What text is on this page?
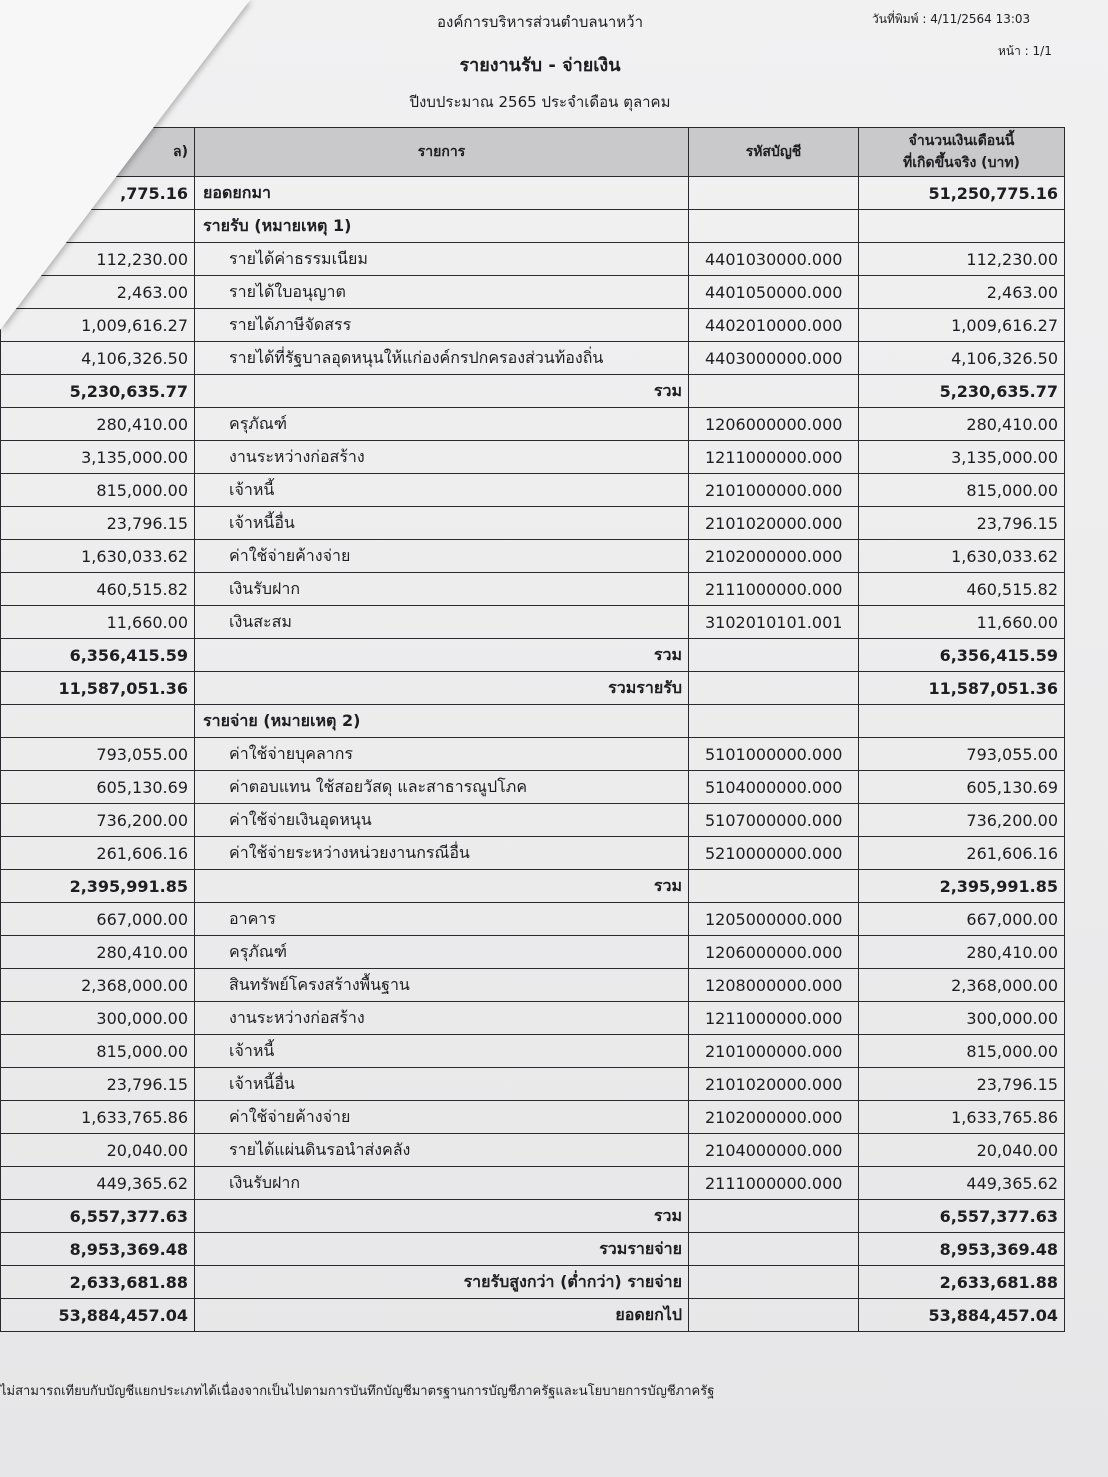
องค์การบริหารส่วนตำบลนาหว้า	วันที่พิมพ์ : 4/11/2564 13:03
หน้า : 1/1
รายงานรับ - จ่ายเงิน
ปีงบประมาณ 2565 ประจำเดือน ตุลาคม
ล)	รายการ	รหัสบัญชี	จำนวนเงินเดือนนี้
ที่เกิดขึ้นจริง (บาท)

,775.16	ยอดยกมา		51,250,775.16
	รายรับ (หมายเหตุ 1)		
112,230.00	รายได้ค่าธรรมเนียม	4401030000.000	112,230.00
2,463.00	รายได้ใบอนุญาต	4401050000.000	2,463.00
1,009,616.27	รายได้ภาษีจัดสรร	4402010000.000	1,009,616.27
4,106,326.50	รายได้ที่รัฐบาลอุดหนุนให้แก่องค์กรปกครองส่วนท้องถิ่น	4403000000.000	4,106,326.50
5,230,635.77	รวม		5,230,635.77
280,410.00	ครุภัณฑ์	1206000000.000	280,410.00
3,135,000.00	งานระหว่างก่อสร้าง	1211000000.000	3,135,000.00
815,000.00	เจ้าหนี้	2101000000.000	815,000.00
23,796.15	เจ้าหนี้อื่น	2101020000.000	23,796.15
1,630,033.62	ค่าใช้จ่ายค้างจ่าย	2102000000.000	1,630,033.62
460,515.82	เงินรับฝาก	2111000000.000	460,515.82
11,660.00	เงินสะสม	3102010101.001	11,660.00
6,356,415.59	รวม		6,356,415.59
11,587,051.36	รวมรายรับ		11,587,051.36
	รายจ่าย (หมายเหตุ 2)		
793,055.00	ค่าใช้จ่ายบุคลากร	5101000000.000	793,055.00
605,130.69	ค่าตอบแทน ใช้สอยวัสดุ และสาธารณูปโภค	5104000000.000	605,130.69
736,200.00	ค่าใช้จ่ายเงินอุดหนุน	5107000000.000	736,200.00
261,606.16	ค่าใช้จ่ายระหว่างหน่วยงานกรณีอื่น	5210000000.000	261,606.16
2,395,991.85	รวม		2,395,991.85
667,000.00	อาคาร	1205000000.000	667,000.00
280,410.00	ครุภัณฑ์	1206000000.000	280,410.00
2,368,000.00	สินทรัพย์โครงสร้างพื้นฐาน	1208000000.000	2,368,000.00
300,000.00	งานระหว่างก่อสร้าง	1211000000.000	300,000.00
815,000.00	เจ้าหนี้	2101000000.000	815,000.00
23,796.15	เจ้าหนี้อื่น	2101020000.000	23,796.15
1,633,765.86	ค่าใช้จ่ายค้างจ่าย	2102000000.000	1,633,765.86
20,040.00	รายได้แผ่นดินรอนำส่งคลัง	2104000000.000	20,040.00
449,365.62	เงินรับฝาก	2111000000.000	449,365.62
6,557,377.63	รวม		6,557,377.63
8,953,369.48	รวมรายจ่าย		8,953,369.48
2,633,681.88	รายรับสูงกว่า (ต่ำกว่า) รายจ่าย		2,633,681.88
53,884,457.04	ยอดยกไป		53,884,457.04
ไม่สามารถเทียบกับบัญชีแยกประเภทได้เนื่องจากเป็นไปตามการบันทึกบัญชีมาตรฐานการบัญชีภาครัฐและนโยบายการบัญชีภาครัฐ
